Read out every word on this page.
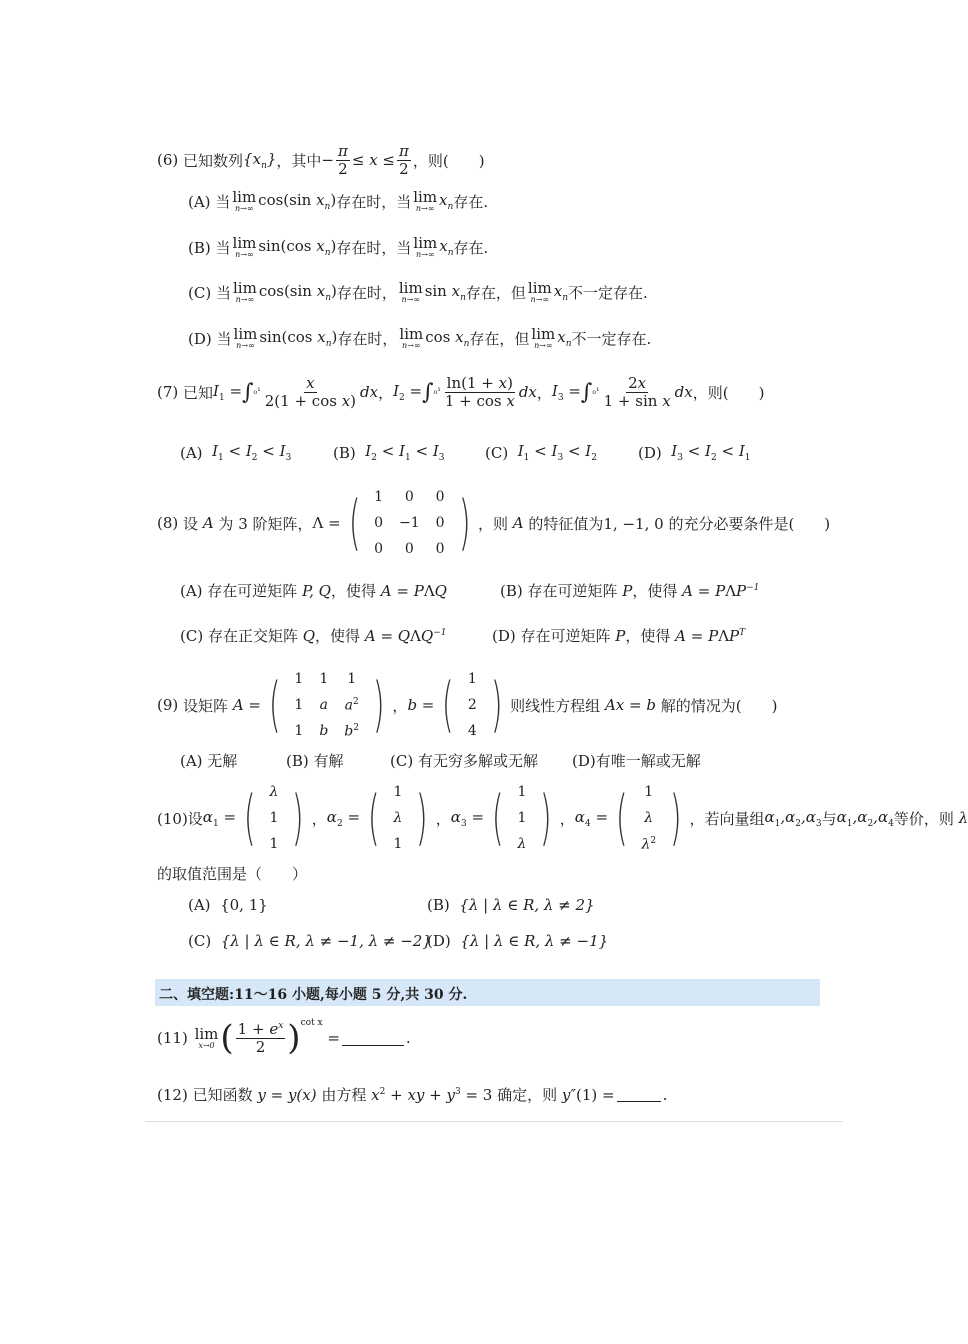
(6)
已知数列 $\{x_n\}$ ，其中 − $\frac{\pi}{2} \le x \le \frac{\pi}{2}$ ，则(　　)
(A)
当 lim
n→∞ cos(sin $x_n$) 存在时，当 lim
n→∞ $x_n$ 存在.
(B)
当 lim
n→∞ sin(cos $x_n$) 存在时，当 lim
n→∞ $x_n$ 存在.
(C)
当 lim
n→∞ cos(sin $x_n$) 存在时， lim
n→∞ $\sin x_n$ 存在，但 lim
n→∞ $x_n$ 不一定存在.
(D)
当 lim
n→∞ sin(cos $x_n$) 存在时， lim
n→∞ $\cos x_n$ 存在，但 lim
n→∞ $x_n$ 不一定存在.
(7)
已知 $I_1$ = ∫ $_0^1 \frac{x}{\text{2(1 + cos x)}}$ dx ， $I_2$ = ∫ $_0^1 \frac{\ln(1 + x)}{\text{1 + cos x}}$ dx ， $I_3$ = ∫ $_0^1 \frac{2x}{\text{1 + sin x}}$ dx ，则(　　)
(A)
$I_1 < I_2 < I_3$	(B)
$I_2 < I_1 < I_3$	(C)
$I_1 < I_3 < I_2$	(D)
$I_3 < I_2 < I_1$
(8)
设 A 为 3 阶矩阵， Λ = ( 1	0	0
0	−1	0
0	0	0 ) ，则 A 的特征值为1, −1, 0 的充分必要条件是(　　)
(A) 存在可逆矩阵
P, Q ，使得
A = P Λ Q	(B) 存在可逆矩阵
P ，使得
A = P Λ $P^{-1}$
(C) 存在正交矩阵
Q ，使得
A = Q Λ $Q^{-1}$	(D) 存在可逆矩阵
P ，使得
A = P Λ $P^T$
(9)
设矩阵 A = ( 1	1	1
1	a	$a^2$
1	b	$b^2$ ) ， b = ( 1
2
4 ) 则线性方程组 Ax = b 解的情况为(　　)
(A) 无解	(B) 有解	(C) 有无穷多解或无解 (D)有唯一解或无解
(10)设 $\alpha_1$ = ( λ
1
1 ) ， $\alpha_2$ = ( 1
λ
1 ) ， $\alpha_3$ = ( 1
1
λ ) ， $\alpha_4$ = ( 1
λ
$\lambda^2$ ) ，若向量组 $\alpha_1,\alpha_2,\alpha_3$ 与 $\alpha_1,\alpha_2,\alpha_4$ 等价，则 λ
的取值范围是（　　）
(A)
{0, 1}	(B)
{λ | λ ∈ R, λ ≠ 2}
(C)
{λ | λ ∈ R, λ ≠ −1, λ ≠ −2}
(D)
{λ | λ ∈ R, λ ≠ −1}
二、填空题:11～16 小题,每小题 5 分,共 30 分.
(11)
lim
x→0 ( $\frac{1 + e^x}{2} )^{cot x}$
=	.
(12)
已知函数 y = y(x) 由方程 $x^2$ + xy + $y^3 = 3$ 确定，则 y″ (1) =	.
